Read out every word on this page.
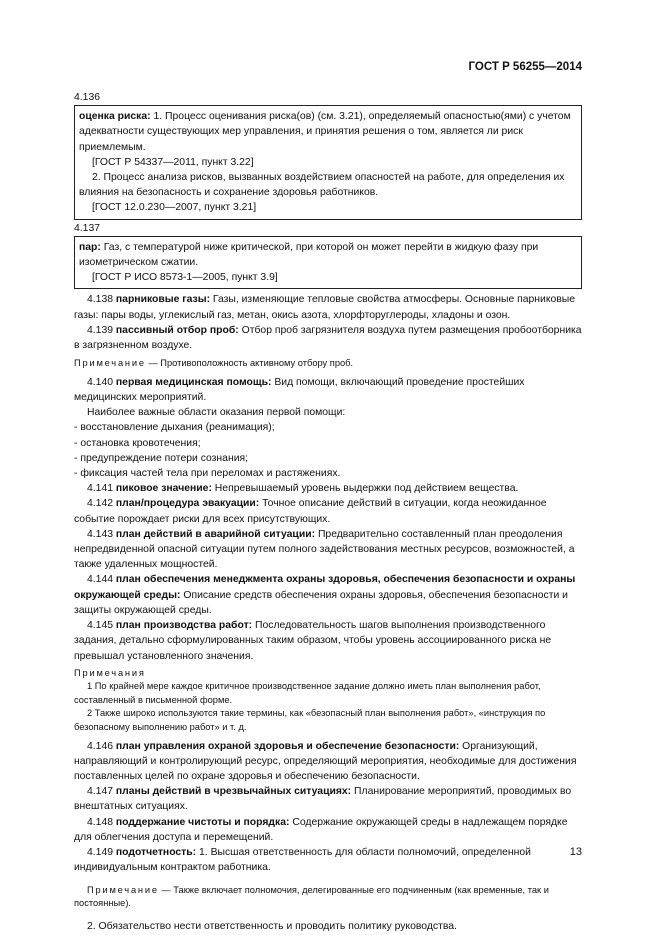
ГОСТ Р 56255—2014

4.136

оценка риска: 1. Процесс оценивания риска(ов) (см. 3.21), определяемый опасностью(ями) с учетом адекватности существующих мер управления, и принятия решения о том, является ли риск приемлемым.

[ГОСТ Р 54337—2011, пункт 3.22]

2. Процесс анализа рисков, вызванных воздействием опасностей на работе, для определения их влияния на безопасность и сохранение здоровья работников.

[ГОСТ 12.0.230—2007, пункт 3.21]

4.137

пар: Газ, с температурой ниже критической, при которой он может перейти в жидкую фазу при изометрическом сжатии.

[ГОСТ Р ИСО 8573-1—2005, пункт 3.9]

4.138 парниковые газы: Газы, изменяющие тепловые свойства атмосферы. Основные парниковые газы: пары воды, углекислый газ, метан, окись азота, хлорфторуглероды, хладоны и озон.

4.139 пассивный отбор проб: Отбор проб загрязнителя воздуха путем размещения пробоотборника в загрязненном воздухе.

Примечание — Противоположность активному отбору проб.

4.140 первая медицинская помощь: Вид помощи, включающий проведение простейших медицинских мероприятий.

Наиболее важные области оказания первой помощи:

- восстановление дыхания (реанимация);

- остановка кровотечения;

- предупреждение потери сознания;

- фиксация частей тела при переломах и растяжениях.

4.141 пиковое значение: Непревышаемый уровень выдержки под действием вещества.

4.142 план/процедура эвакуации: Точное описание действий в ситуации, когда неожиданное событие порождает риски для всех присутствующих.

4.143 план действий в аварийной ситуации: Предварительно составленный план преодоления непредвиденной опасной ситуации путем полного задействования местных ресурсов, возможностей, а также удаленных мощностей.

4.144 план обеспечения менеджмента охраны здоровья, обеспечения безопасности и охраны окружающей среды: Описание средств обеспечения охраны здоровья, обеспечения безопасности и защиты окружающей среды.

4.145 план производства работ: Последовательность шагов выполнения производственного задания, детально сформулированных таким образом, чтобы уровень ассоциированного риска не превышал установленного значения.

Примечания

1 По крайней мере каждое критичное производственное задание должно иметь план выполнения работ, составленный в письменной форме.

2 Также широко используются такие термины, как «безопасный план выполнения работ», «инструкция по безопасному выполнению работ» и т. д.

4.146 план управления охраной здоровья и обеспечение безопасности: Организующий, направляющий и контролирующий ресурс, определяющий мероприятия, необходимые для достижения поставленных целей по охране здоровья и обеспечению безопасности.

4.147 планы действий в чрезвычайных ситуациях: Планирование мероприятий, проводимых во внештатных ситуациях.

4.148 поддержание чистоты и порядка: Содержание окружающей среды в надлежащем порядке для облегчения доступа и перемещений.

4.149 подотчетность: 1. Высшая ответственность для области полномочий, определенной индивидуальным контрактом работника.

Примечание — Также включает полномочия, делегированные его подчиненным (как временные, так и постоянные).

2. Обязательство нести ответственность и проводить политику руководства.

13
